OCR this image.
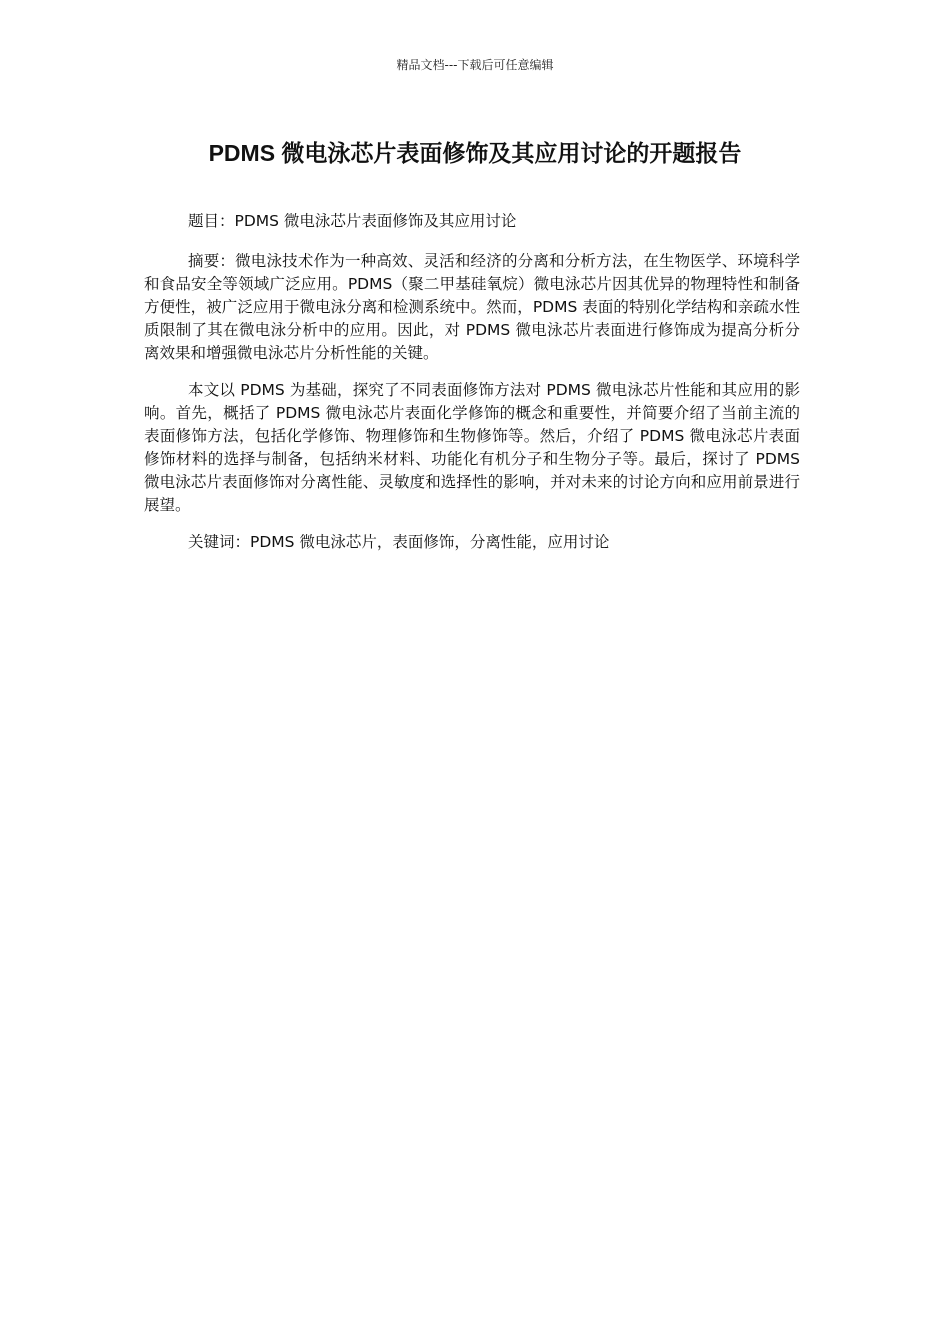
精品文档---下载后可任意编辑
PDMS 微电泳芯片表面修饰及其应用讨论的开题报告

题目：PDMS 微电泳芯片表面修饰及其应用讨论

摘要：微电泳技术作为一种高效、灵活和经济的分离和分析方法，在生物医学、环境科学和食品安全等领域广泛应用。PDMS（聚二甲基硅氧烷）微电泳芯片因其优异的物理特性和制备方便性，被广泛应用于微电泳分离和检测系统中。然而，PDMS 表面的特别化学结构和亲疏水性质限制了其在微电泳分析中的应用。因此，对 PDMS 微电泳芯片表面进行修饰成为提高分析分离效果和增强微电泳芯片分析性能的关键。

本文以 PDMS 为基础，探究了不同表面修饰方法对 PDMS 微电泳芯片性能和其应用的影响。首先，概括了 PDMS 微电泳芯片表面化学修饰的概念和重要性，并简要介绍了当前主流的表面修饰方法，包括化学修饰、物理修饰和生物修饰等。然后，介绍了 PDMS 微电泳芯片表面修饰材料的选择与制备，包括纳米材料、功能化有机分子和生物分子等。最后，探讨了 PDMS 微电泳芯片表面修饰对分离性能、灵敏度和选择性的影响，并对未来的讨论方向和应用前景进行展望。

关键词：PDMS 微电泳芯片，表面修饰，分离性能，应用讨论
